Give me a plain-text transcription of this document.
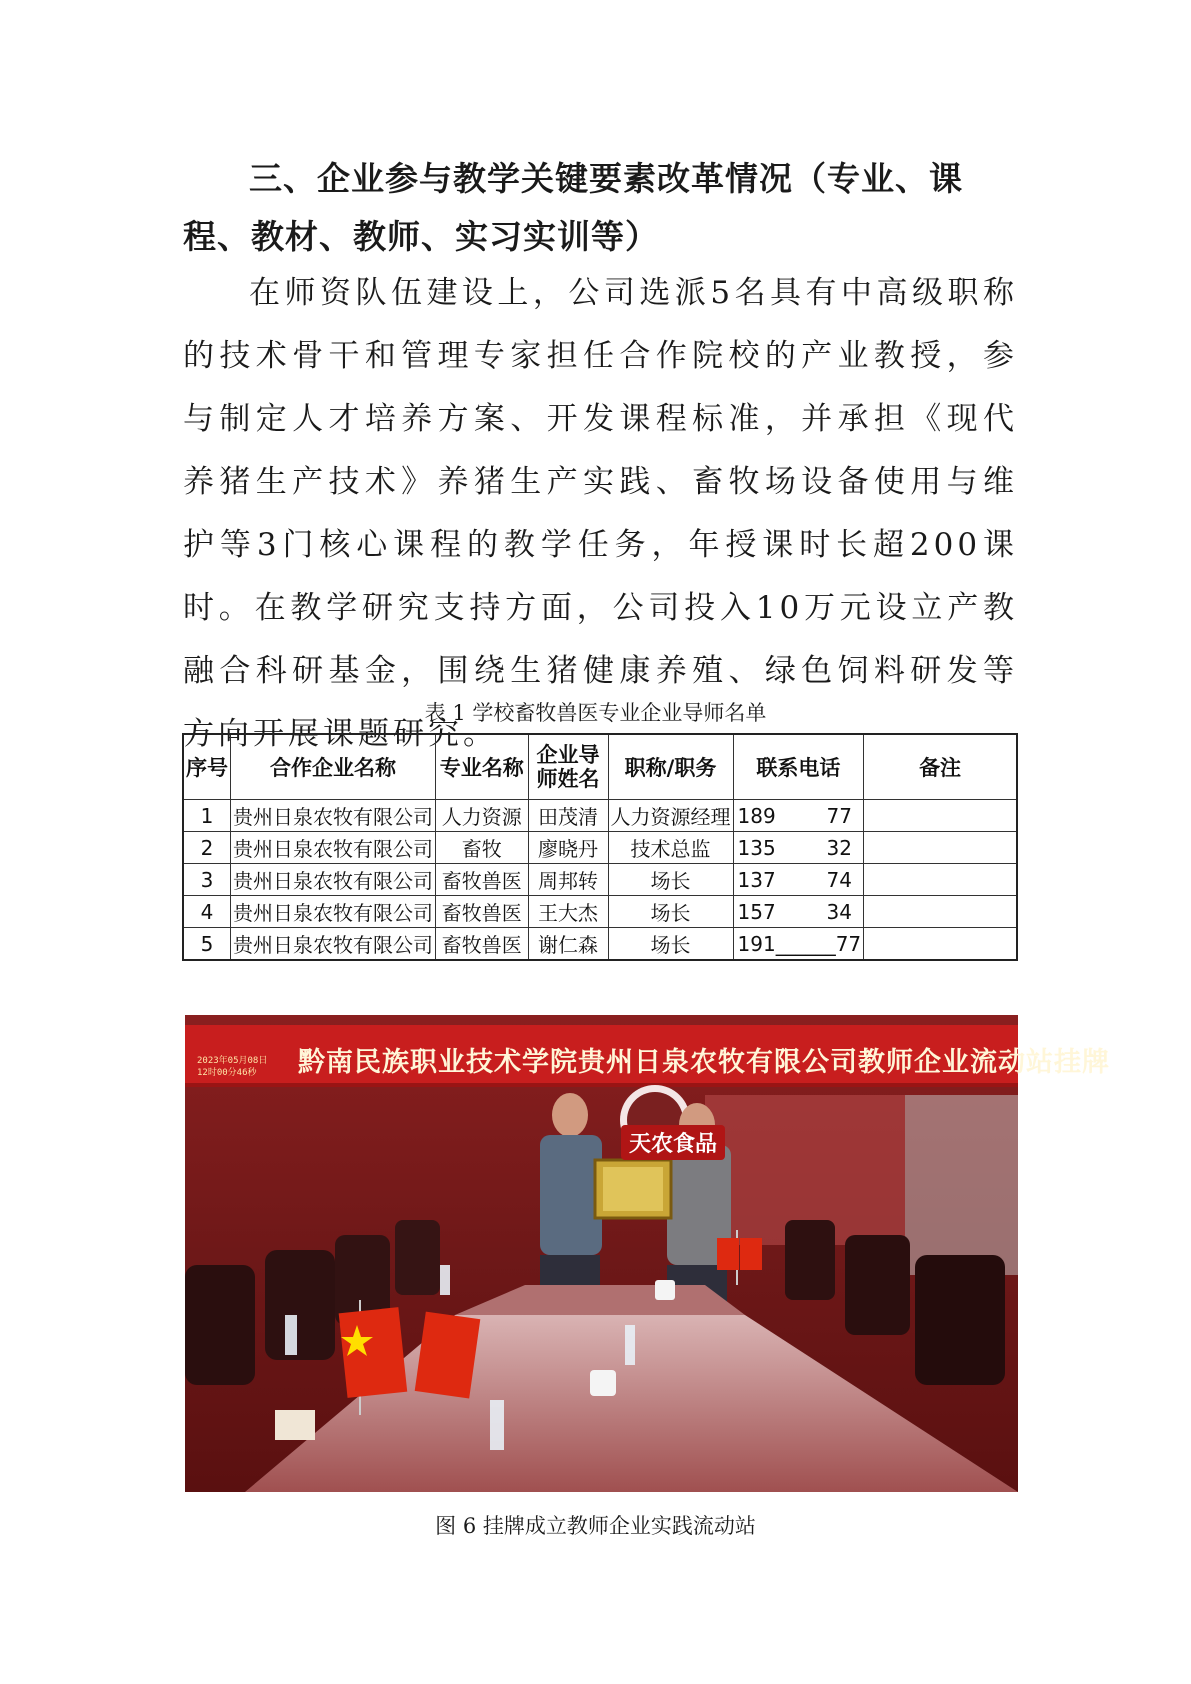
三、企业参与教学关键要素改革情况（专业、课程、教材、教师、实习实训等）
在师资队伍建设上，公司选派5名具有中高级职称的技术骨干和管理专家担任合作院校的产业教授，参与制定人才培养方案、开发课程标准，并承担《现代养猪生产技术》养猪生产实践、畜牧场设备使用与维护等3门核心课程的教学任务，年授课时长超200课时。在教学研究支持方面，公司投入10万元设立产教融合科研基金，围绕生猪健康养殖、绿色饲料研发等方向开展课题研究。
表 1 学校畜牧兽医专业企业导师名单
序号	合作企业名称	专业名称	企业导师姓名	职称/职务	联系电话	备注
1	贵州日泉农牧有限公司	人力资源	田茂清	人力资源经理	189        77	
2	贵州日泉农牧有限公司	畜牧	廖晓丹	技术总监	135        32	
3	贵州日泉农牧有限公司	畜牧兽医	周邦转	场长	137        74	
4	贵州日泉农牧有限公司	畜牧兽医	王大杰	场长	157        34	
5	贵州日泉农牧有限公司	畜牧兽医	谢仁森	场长	191______77	
2023年05月08日
12时00分46秒	黔南民族职业技术学院贵州日泉农牧有限公司教师企业流动站挂牌
天农食品
图 6 挂牌成立教师企业实践流动站
